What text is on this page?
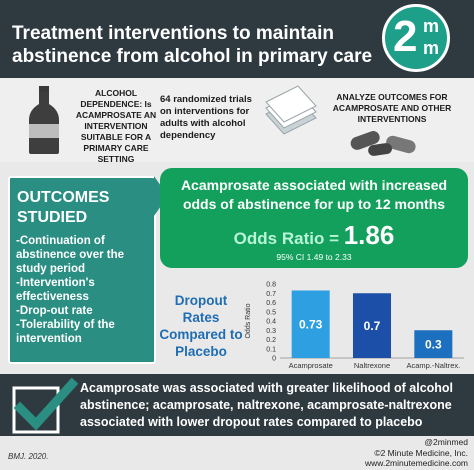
Treatment interventions to maintain abstinence from alcohol in primary care 2 m
m
ALCOHOL DEPENDENCE: Is ACAMPROSATE AN INTERVENTION SUITABLE FOR A PRIMARY CARE SETTING
64 randomized trials on interventions for adults with alcohol dependency
ANALYZE OUTCOMES FOR ACAMPROSATE AND OTHER INTERVENTIONS
OUTCOMES
STUDIED
-Continuation of abstinence over the study period
-Intervention's effectiveness
-Drop-out rate
-Tolerability of the intervention
Acamprosate associated with increased odds of abstinence for up to 12 months
Odds Ratio = 1.86
95% CI 1.49 to 2.33
Dropout Rates Compared to Placebo	0
0.1
0.2
0.3
0.4
0.5
0.6
0.7
0.8
Odds Ratio	0.73	0.7
0.3
Acamprosate	Naltrexone Acamp.-Naltrex.
Acamprosate was associated with greater likelihood of alcohol abstinence; acamprosate, naltrexone, acamprosate-naltrexone associated with lower dropout rates compared to placebo
BMJ. 2020.
@2minmed
©2 Minute Medicine, Inc.
www.2minutemedicine.com
